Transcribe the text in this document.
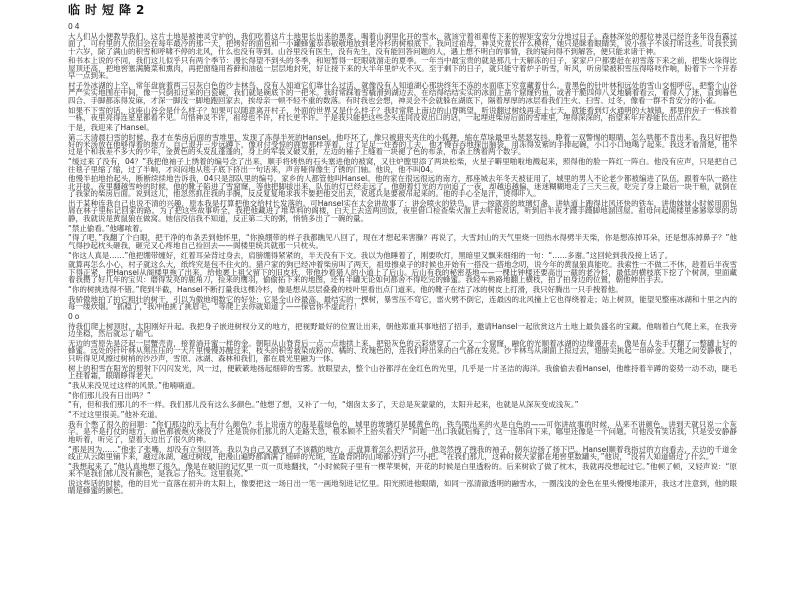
临时短降2

04

大人们从小便教导我们，这片土地是被神灵守护的，我们吃着这片土地里长出来的黑麦，喝着山涧里化开的雪水，就该守着祖辈传下来的规矩安安分分地过日子。森林深处的那位神灵已经许多年没有露过面了，可村里的人依旧会在每年最冷的那一天，把烤好的面包和一小罐蜂蜜恭恭敬敬地放到老冷杉的树根底下。我问过祖母，神灵究竟长什么模样，她只是眯着眼睛笑，说小孩子不该打听这些。可我长到十六岁，除了满山的积雪和呼啸不停的北风，什么也没有等到。山谷里没有医生，没有先生，没有能回答问题的人，遇上想不明白的事情，我的疑问得不到解答，便只能求诸于神。

和书本上说的不同，我们这儿似乎只有两个季节：漫长得望不到头的冬季，和短暂得一眨眼就溜走的夏季。一年当中最宝贵的就是那几十天解冻的日子，家家户户都要赶在初雪落下来之前，把柴火垛得比屋顶还高，把地窖塞满腌菜和熏肉，再把窗缝用苔藓和油毡一层层地封死，好让接下来的大半年里炉火不灭。至于剩下的日子，就只能守着炉子听雪，听风，听房梁被积雪压得咯吱作响，盼着下一个开春早一点到来。

村子外冰湖的上空，常年盘旋着两三只灰白色的沙卡林鸟，没有人知道它们靠什么过活，就像没有人知道湖心那块终年不冻的水面底下究竟藏着什么。青黑色的针叶林和远处的雪山交相呼应，把整个山谷严严实实地围在中间，像一只倒扣过来的白瓷碗，我们就是碗底下的一把米。我时常踩着雪橇滑到湖边去，在结得结结实实的冰面上凿个窟窿钓鱼，或者干脆四仰八叉地躺着看云，看得入了迷，直到暮色四合、手脚都冻得发麻，才深一脚浅一脚地跑回家去，挨母亲一顿不轻不重的数落。有时我也会想，神灵会不会就躲在湖底下，隔着厚厚的冰层看我们生火、扫雪、过冬，像看一群不肯安分的小雀。

如果不下雪的话，这座山谷会是什么样子？如果可以随意离开村子，外面的世界又是什么样子？我时常爬上南边的山脊眺望，听说翻过树线再走上七天，就能看到灯火通明的大城镇，那里的房子一栋挨着一栋，夜里亮得连星星都看不见。可惜神灵不许，祖母也不许，村长更不许。于是我只能把这些念头连同没说出口的话，一起埋进柴房后面的雪堆里，埋得深深的，指望来年开春能长出点什么。

于是，我迎来了Hansel。

第二天清晨扫雪的时候，我才在柴房后面的雪堆里，发现了冻得半死的Hansel。他吓坏了，像只被猎夹夹住的小狐狸，缩在草垛最里头瑟瑟发抖，睁着一双警惕的眼睛，怎么哄都不肯出来。我只好把热好的米汤放在他够得着的地方，自己退开三步远蹲下，像对付受惊的鹿崽那样等着。过了足足一炷香的工夫，他才慢吞吞地探出脑袋，用冻得发紫的手捧起碗，小口小口地喝了起来。我这才看清楚，他不过是个和我差不多大的少年，金黄色的头发乱蓬蓬的，身上的军装又破又脏，左边的袖子上缝着一块褪了色的布条，布条上绣着两个数字。

“缓过来了没有，04？”我把他袖子上绣着的编号念了出来，顺手将烤热的石头塞进他的被窝，又往炉膛里添了两块松柴，火星子噼里啪啦地溅起来，照得他的脸一阵红一阵白。他没有应声，只是把自己往毯子里缩了缩，过了半晌，才闷闷地从毯子底下挤出一句话来，声音哑得像生了锈的门轴。他说，他不叫04。

他慢半拍地抬起头，断断续续地告诉我，04只是部队里的编号，家乡的人都管他叫Hansel。他的家在很远很远的南方，那座城去年冬天被征用了，城里的男人不论老少都被编进了队伍，跟着车队一路往北开拔。夜里翻越雪岭的时候，他的靴子陷进了雪窟窿，等他把脚拔出来，队伍的灯已经走远了。他朝着灯光的方向追了一夜，却越追越偏，迷迷糊糊地走了三天三夜，吃完了身上最后一块干粮，就倒在了我家的柴房后面。说到这儿，他忽然抓住我的手腕，反反复复地求我不要把他交出去，说逃兵是要被吊起来的。他的手心全是汗，烫得吓人。

出于某种连我自己也说不清的兴趣，原本我是打算把他交给村长发落的。可Hansel实在太会讲故事了：讲会喷火的铁鸟，讲一按就亮的玻璃灯盏，讲轨道上跑得比风还快的铁车，讲他妹妹小时候用面包屑在林子里标记回家的路。为了把这些故事听全，我把他藏进了堆草料的阁楼，白天上去送两回饭，夜里借口检查柴火溜上去听他说话，听到后半夜才蹑手蹑脚地溜回屋。祖母问起阁楼里窸窸窣窣的动静，我就说是黄鼠狼在做窝。她信没信我不知道，反正第二天的粥，悄悄多出了一碗的量。

“禁止偷看。”他嘟哝着。

“得了吧，”我翻了个白眼，把干净的布条丢到他怀里，“你换绷带的样子我都瞧见八回了，现在才想起来害臊？再说了，大雪封山的天气里烧一回热水得劈半天柴，你是想冻掉耳朵，还是想冻掉鼻子？”他气得抄起枕头砸我，砸完又心疼地自己捡回去——阁楼里统共就那一只枕头。

“你这人真是……”他把绷带缠好，红着耳朵背过身去，肩膀绷得紧紧的，半天没有下文。我以为他睡着了，刚要吹灯，黑暗里又飘来细细的一句：“……多谢。”这回轮到我没接上话了。

就算再怎么小心，村子就这么大，纸终究是包不住火的。猎户家的狗已经冲着柴房叫了两天，祖母擦桌子的时候也开始有一搭没一搭地念叨，说今年的黄鼠狼真能吃。我索性一不做二不休，趁着后半夜雪下得正紧，把Hansel从阁楼里拖了出来，给他裹上祖父留下的旧皮袄，带他抄着猎人的小道上了后山。后山有我的秘密基地——一棵比钟楼还要高出一截的老冷杉，最低的横枝底下挖了个树洞，里面藏着我攒了好几年的宝贝：磨得发亮的鹿角刀，捡来的鹰羽，偷偷拓下来的地图，还有半罐无论如何都舍不得吃完的蜂蜜。我轻车熟路地翻上横枝，拍了拍身边的位置，朝他伸出手去。

“你的树挑选得不错。”爬到半截，Hansel不断打量我这棵冷杉，像是想从层层叠叠的枝叶里看出点门道来。他的靴子在结了冰的树皮上打滑，我只好腾出一只手拽着他。

我骄傲地拍了拍它粗壮的树干，引以为傲地细数它的好处：它是全山谷最高、最结实的一棵树，暴雪压不弯它，雷火劈不倒它，连最凶的北风撞上它也得绕着走；站上树顶，能望见整座冰湖和十里之内的每一缕炊烟。“抓稳了，”我冲他挑了挑眉毛，“等爬上去你就知道了——保管你不虚此行！”

0o

待我们爬上树顶时，太阳刚好升起。我把身子嵌进树杈分叉的地方，把视野最好的位置让出来，朝他郑重其事地招了招手，邀请Hansel一起欣赏这片土地上最负盛名的宝藏。他喘着白气爬上来，在我旁边坐稳，然后就忘了喘气。

无边的雪原先是泛起一层蟹壳青，接着淌开蜜一样的金。朝阳从山脊背后一点一点地拱上来，把铅灰色的云彩烧穿了一个又一个窟窿，融化的光顺着冰湖的边缘漫开去，像是有人失手打翻了一整罐上好的蜂蜜。远处的针叶林从黑压压的一大片里慢慢苏醒过来，枝头的积雪被染成粉的、橘的、玫瑰色的，连我们呼出来的白气都在发亮。沙卡林鸟从湖面上掠过去，翅膀尖挑起一串碎金。天地之间安静极了，只听得见风擦过树梢的沙沙声，雪原、冰湖、森林和我们，都在晨光里融为一体。

树上的积雪在阳光的照射下闪闪发光，风一过，便簌簌地扬起细碎的雪雾。放眼望去，整个山谷都浮在金红色的光里，几乎是一片圣洁的海洋。我偷偷去看Hansel，他维持着半蹲的姿势一动不动，睫毛上挂着霜，眼睛睁得老大。

“我从来没见过这样的风景。”他喃喃道。

“你们那儿没有日出吗？”

“有，但和我们那儿的不一样。我们那儿没有这么多颜色。”他想了想，又补了一句，“烟囱太多了，天总是灰蒙蒙的，太阳升起来，也就是从深灰变成浅灰。”

“不过这里很美。”他补充道。

我有个憋了很久的问题：“你们那边的天上有什么颜色？书上说南方的海是蓝绿色的，城里的玻璃灯是暖黄色的，铁鸟喷出来的火是白色的——可你讲故事的时候，从来不讲颜色，讲到天就只说一个灰字。是不是打仗的地方，颜色都被炮火烧没了？还是说你们那儿的人走路太急，根本顾不上抬头看天？”问题一出口我就后悔了，这一连串问下来，哪里还像是一个问题。可他没有笑话我，只是安安静静地听着，听完了，望着天边出了很久的神。

“那是因为……”他张了张嘴，却没有立刻回答。我以为自己又戳到了不该戳的地方，正盘算着怎么把话岔开，他忽然拽了拽我的袖子，朝东边扬了扬下巴。Hansel顺着我指过的方向看去，天边的千道金线正从云隙里铺下来，越过冰湖，越过树线，把漫山遍野都洒满了细碎的光斑，连最背阴的山坳都分到了一小把。“在我们那儿，这种时候大家都在地窖里数罐头，”他说，“没有人知道错过了什么。”

“我想起来了，”他认真地想了很久，像是在破旧的记忆里一页一页地翻找，“小时候院子里有一棵苹果树，开花的时候是白里透粉的。后来树砍了做了枕木，我就再没想起过它。”他顿了顿，又轻声说：“原来不是我们那儿没有颜色，是我忘了抬头。这里很亮。”

说这些话的时候，他的目光一直落在初升的太阳上，像要把这一场日出一笔一画地刻进记忆里。阳光照进他眼睛，如同一泓清澈透明的融雪水，一圈浅浅的金色在里头慢慢地漾开，我这才注意到，他的眼睛是蜂蜜的颜色。
